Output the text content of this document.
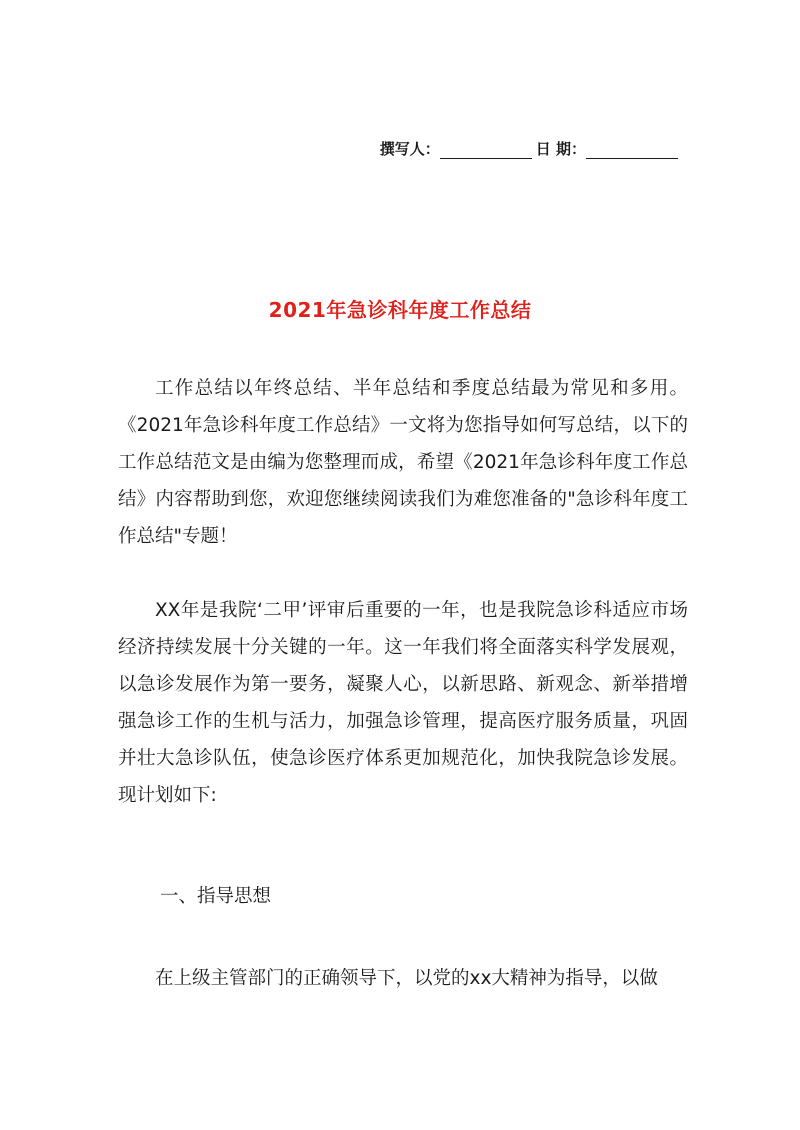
撰写人：	日 期：
2021年急诊科年度工作总结

工作总结以年终总结、半年总结和季度总结最为常见和多用。《2021年急诊科年度工作总结》一文将为您指导如何写总结，以下的工作总结范文是由编为您整理而成，希望《2021年急诊科年度工作总结》内容帮助到您，欢迎您继续阅读我们为难您准备的"急诊科年度工作总结"专题！

XX年是我院‘二甲’评审后重要的一年，也是我院急诊科适应市场经济持续发展十分关键的一年。这一年我们将全面落实科学发展观，以急诊发展作为第一要务，凝聚人心，以新思路、新观念、新举措增强急诊工作的生机与活力，加强急诊管理，提高医疗服务质量，巩固并壮大急诊队伍，使急诊医疗体系更加规范化，加快我院急诊发展。现计划如下:

一、指导思想

在上级主管部门的正确领导下，以党的xx大精神为指导，以做
